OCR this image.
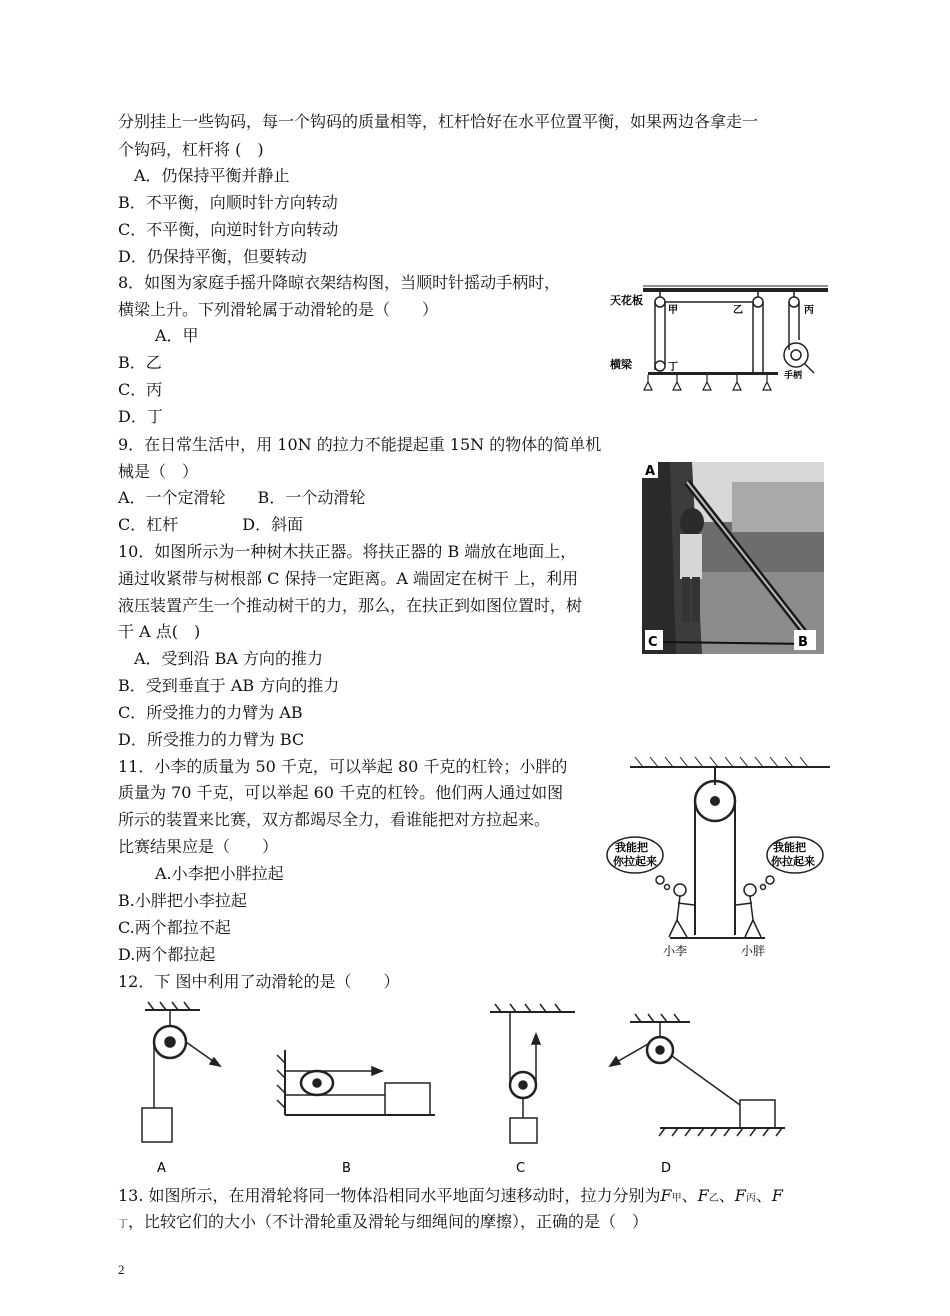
分别挂上一些钩码，每一个钩码的质量相等，杠杆恰好在水平位置平衡，如果两边各拿走一
个钩码，杠杆将 (　)
A．仍保持平衡并静止
B．不平衡，向顺时针方向转动
C．不平衡，向逆时针方向转动
D．仍保持平衡，但要转动
8．如图为家庭手摇升降晾衣架结构图，当顺时针摇动手柄时，
横梁上升。下列滑轮属于动滑轮的是（　　）
A．甲
B．乙
C．丙
D．丁
9．在日常生活中，用 10N 的拉力不能提起重 15N 的物体的简单机
械是（　）
A．一个定滑轮　　B．一个动滑轮
C．杠杆　　　　D．斜面
10．如图所示为一种树木扶正器。将扶正器的 B 端放在地面上，
通过收紧带与树根部 C 保持一定距离。A 端固定在树干 上，利用
液压装置产生一个推动树干的力，那么，在扶正到如图位置时，树
干 A 点(　)
A．受到沿 BA 方向的推力
B．受到垂直于 AB 方向的推力
C．所受推力的力臂为 AB
D．所受推力的力臂为 BC
11．小李的质量为 50 千克，可以举起 80 千克的杠铃；小胖的
质量为 70 千克，可以举起 60 千克的杠铃。他们两人通过如图
所示的装置来比赛，双方都竭尽全力，看谁能把对方拉起来。
比赛结果应是（　　）
A.小李把小胖拉起
B.小胖把小李拉起
C.两个都拉不起
D.两个都拉起
12．下 图中利用了动滑轮的是（　　）
13. 如图所示，在用滑轮将同一物体沿相同水平地面匀速移动时，拉力分别为F甲、F乙、F丙、F
丁，比较它们的大小（不计滑轮重及滑轮与细绳间的摩擦），正确的是（　）
天花板
横梁
甲	乙	丙
丁
手柄
A
C	B
我能把
你拉起来
我能把
你拉起来
小李	小胖
A	B	C	D
2
